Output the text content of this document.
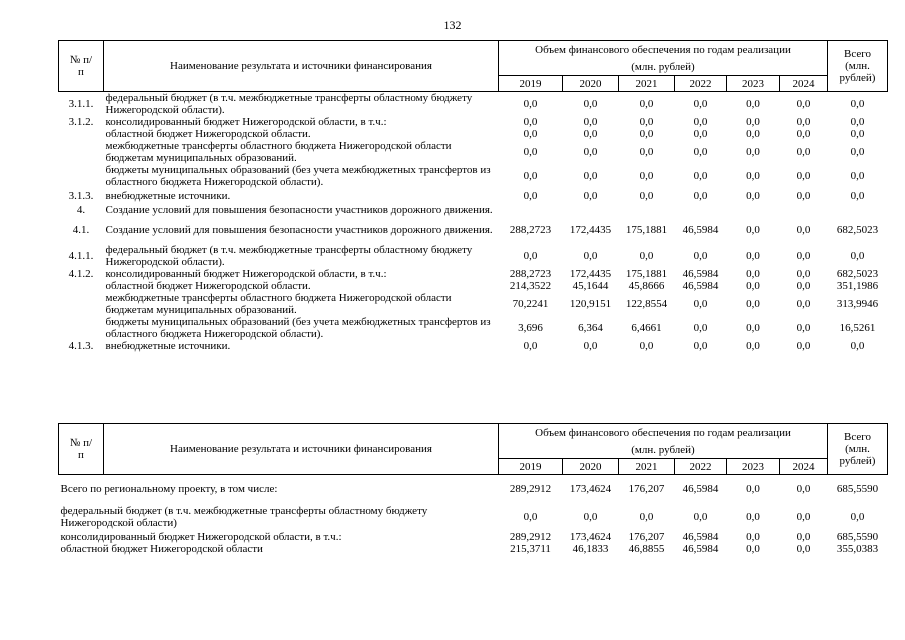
132
№ п/п	Наименование результата и источники финансирования	Объем финансового обеспечения по годам реализации						Всего (млн. рублей)
		(млн. рублей)						
		2019	2020	2021	2022	2023	2024	
3.1.1.	федеральный бюджет (в т.ч. межбюджетные трансферты областному бюджету Нижегородской области).	0,0	0,0	0,0	0,0	0,0	0,0	0,0
3.1.2.	консолидированный бюджет Нижегородской области, в т.ч.:	0,0	0,0	0,0	0,0	0,0	0,0	0,0
	областной бюджет Нижегородской области.	0,0	0,0	0,0	0,0	0,0	0,0	0,0
	межбюджетные трансферты областного бюджета Нижегородской области бюджетам муниципальных образований.	0,0	0,0	0,0	0,0	0,0	0,0	0,0
	бюджеты муниципальных образований (без учета межбюджетных трансфертов из областного бюджета Нижегородской области).	0,0	0,0	0,0	0,0	0,0	0,0	0,0
3.1.3.	внебюджетные источники.	0,0	0,0	0,0	0,0	0,0	0,0	0,0
4.	Создание условий для повышения безопасности участников дорожного движения.							
4.1.	Создание условий для повышения безопасности участников дорожного движения.	288,2723	172,4435	175,1881	46,5984	0,0	0,0	682,5023
4.1.1.	федеральный бюджет (в т.ч. межбюджетные трансферты областному бюджету Нижегородской области).	0,0	0,0	0,0	0,0	0,0	0,0	0,0
4.1.2.	консолидированный бюджет Нижегородской области, в т.ч.:	288,2723	172,4435	175,1881	46,5984	0,0	0,0	682,5023
	областной бюджет Нижегородской области.	214,3522	45,1644	45,8666	46,5984	0,0	0,0	351,1986
	межбюджетные трансферты областного бюджета Нижегородской области бюджетам муниципальных образований.	70,2241	120,9151	122,8554	0,0	0,0	0,0	313,9946
	бюджеты муниципальных образований (без учета межбюджетных трансфертов из областного бюджета Нижегородской области).	3,696	6,364	6,4661	0,0	0,0	0,0	16,5261
4.1.3.	внебюджетные источники.	0,0	0,0	0,0	0,0	0,0	0,0	0,0
№ п/п	Наименование результата и источники финансирования	Объем финансового обеспечения по годам реализации						Всего (млн. рублей)
		(млн. рублей)						
		2019	2020	2021	2022	2023	2024	
Всего по региональному проекту, в том числе:		289,2912	173,4624	176,207	46,5984	0,0	0,0	685,5590
федеральный бюджет (в т.ч. межбюджетные трансферты областному бюджету Нижегородской области)		0,0	0,0	0,0	0,0	0,0	0,0	0,0
консолидированный бюджет Нижегородской области, в т.ч.:		289,2912	173,4624	176,207	46,5984	0,0	0,0	685,5590
областной бюджет Нижегородской области		215,3711	46,1833	46,8855	46,5984	0,0	0,0	355,0383
